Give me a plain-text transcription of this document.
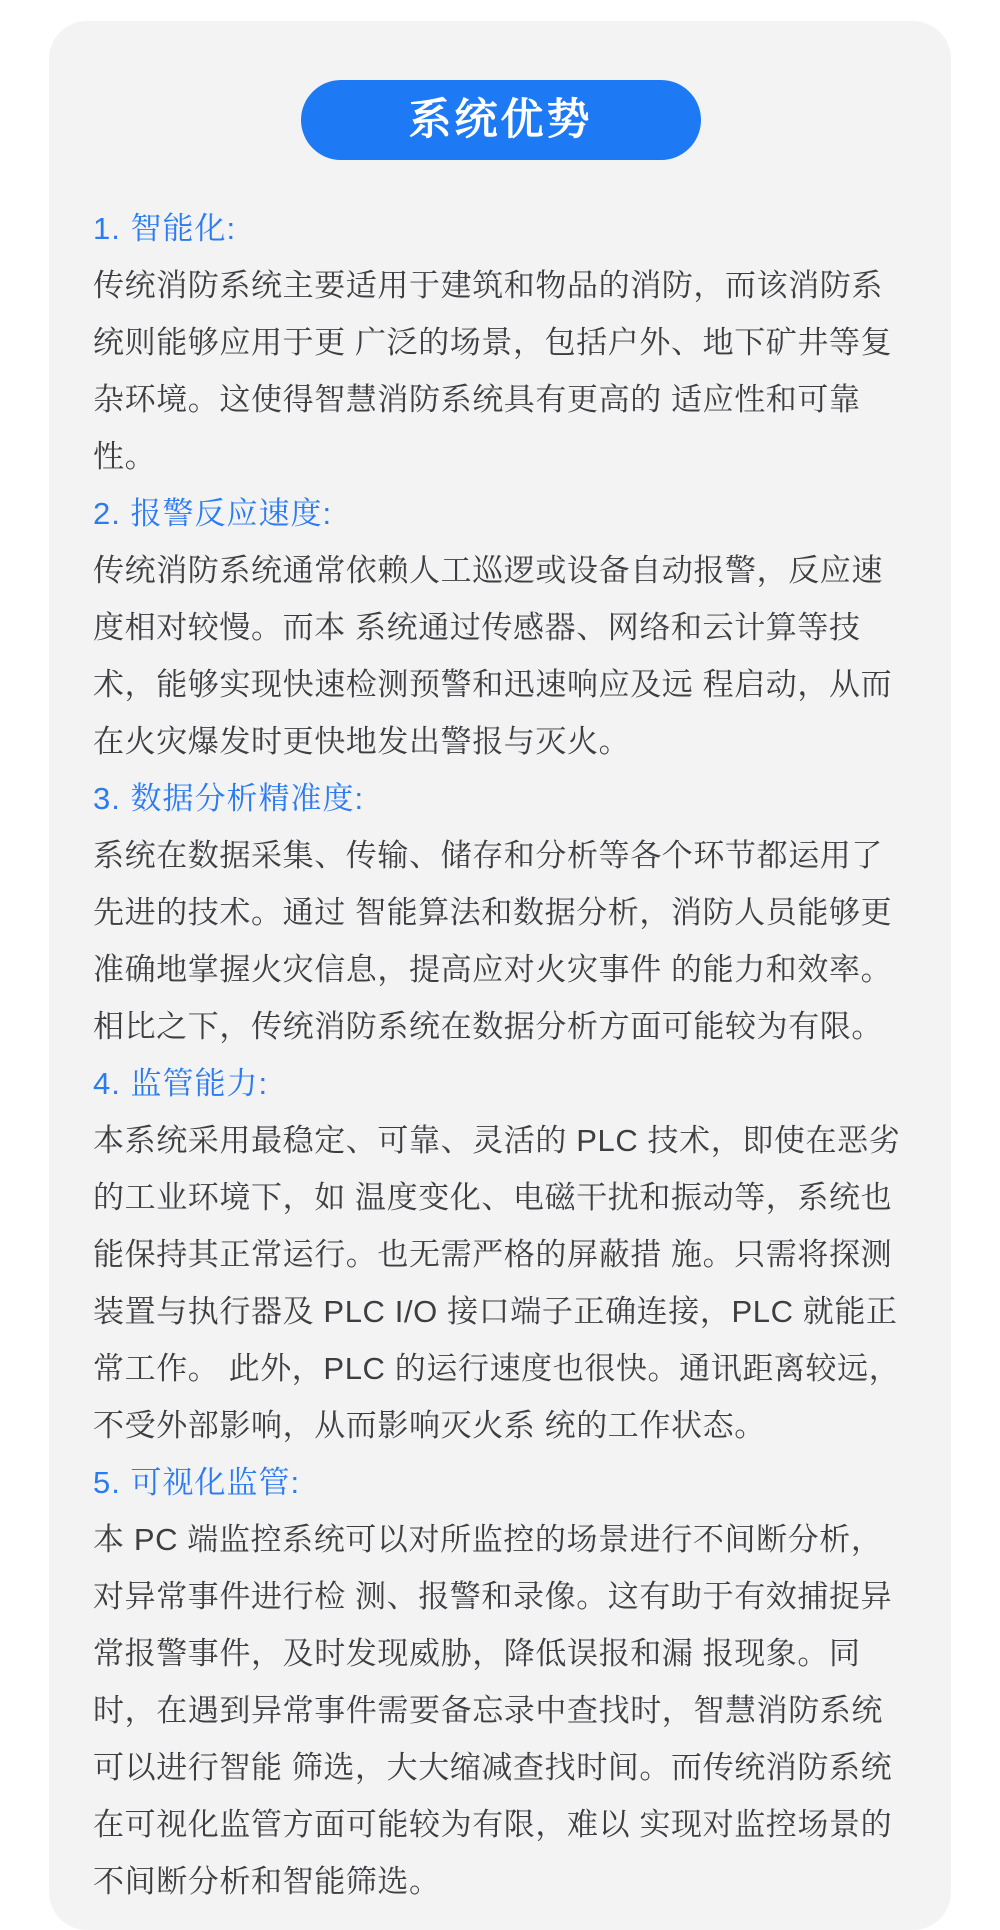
系统优势
1. 智能化:

传统消防系统主要适用于建筑和物品的消防，而该消防系统则能够应用于更 广泛的场景，包括户外、地下矿井等复杂环境。这使得智慧消防系统具有更高的 适应性和可靠性。

2. 报警反应速度:

传统消防系统通常依赖人工巡逻或设备自动报警，反应速度相对较慢。而本 系统通过传感器、网络和云计算等技术，能够实现快速检测预警和迅速响应及远 程启动，从而在火灾爆发时更快地发出警报与灭火。

3. 数据分析精准度:

系统在数据采集、传输、储存和分析等各个环节都运用了先进的技术。通过 智能算法和数据分析，消防人员能够更准确地掌握火灾信息，提高应对火灾事件 的能力和效率。相比之下，传统消防系统在数据分析方面可能较为有限。

4. 监管能力:

本系统采用最稳定、可靠、灵活的 PLC 技术，即使在恶劣的工业环境下，如 温度变化、电磁干扰和振动等，系统也能保持其正常运行。也无需严格的屏蔽措 施。只需将探测装置与执行器及 PLC I/O 接口端子正确连接，PLC 就能正常工作。 此外，PLC 的运行速度也很快。通讯距离较远，不受外部影响，从而影响灭火系 统的工作状态。

5. 可视化监管:

本 PC 端监控系统可以对所监控的场景进行不间断分析，对异常事件进行检 测、报警和录像。这有助于有效捕捉异常报警事件，及时发现威胁，降低误报和漏 报现象。同时，在遇到异常事件需要备忘录中查找时，智慧消防系统可以进行智能 筛选，大大缩减查找时间。而传统消防系统在可视化监管方面可能较为有限，难以 实现对监控场景的不间断分析和智能筛选。
